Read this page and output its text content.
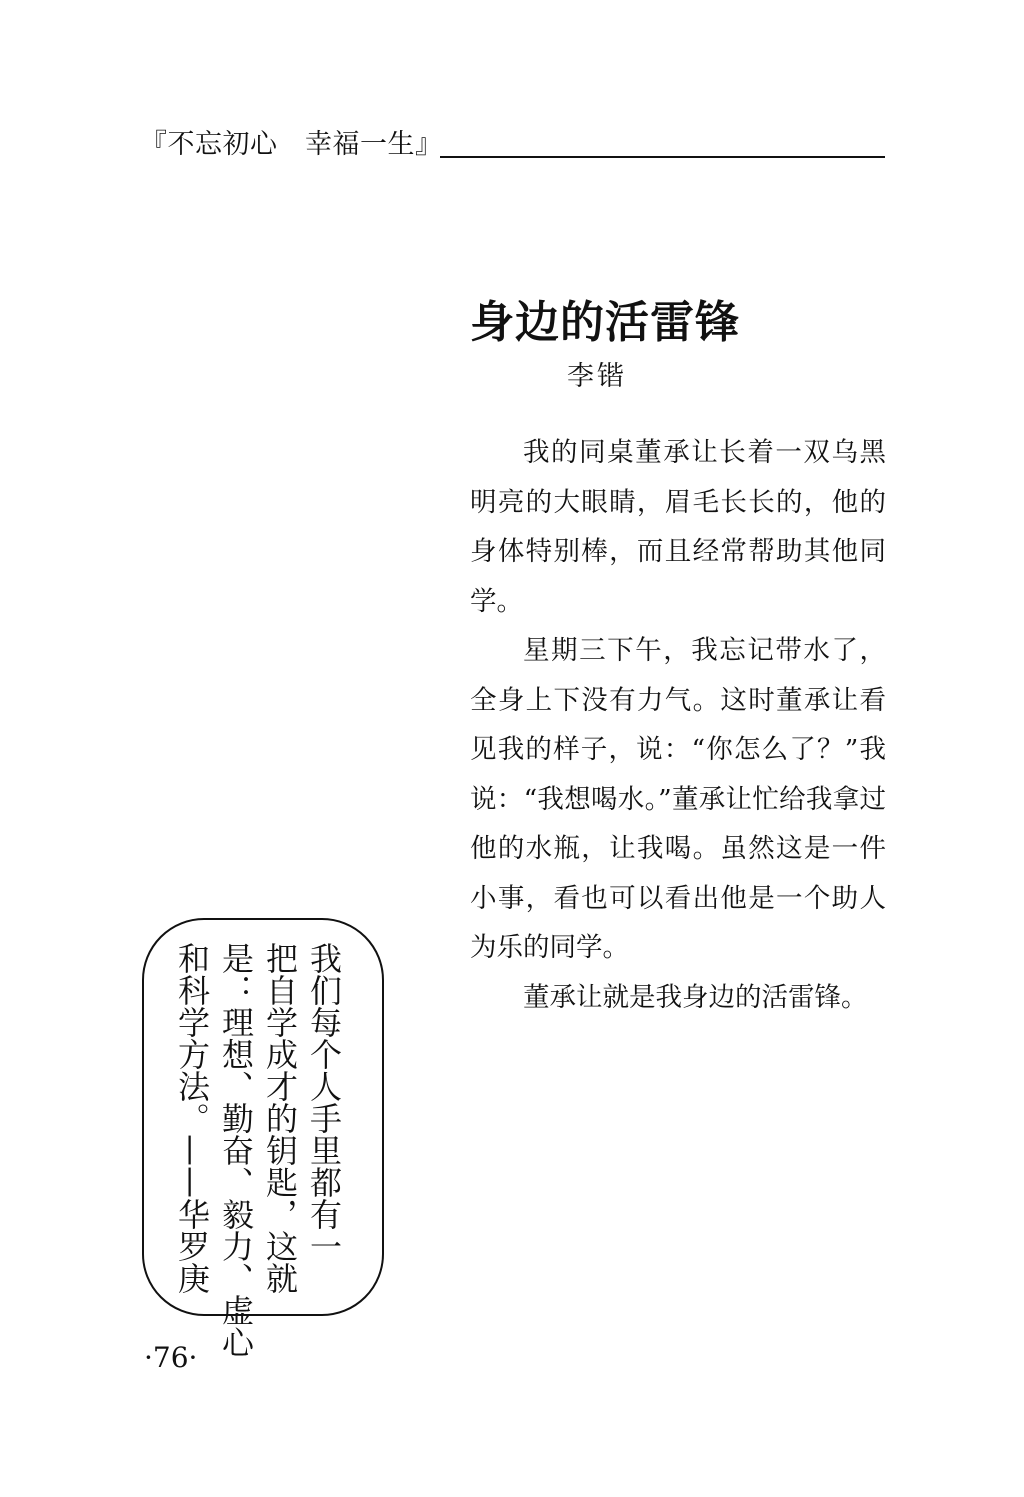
『不忘初心　幸福一生』
身边的活雷锋
李锴

我的同桌董承让长着一双乌黑明亮的大眼睛，眉毛长长的，他的身体特别棒，而且经常帮助其他同学。

星期三下午，我忘记带水了，全身上下没有力气。这时董承让看见我的样子，说：“你怎么了？”我说：“我想喝水。”董承让忙给我拿过他的水瓶，让我喝。虽然这是一件小事，看也可以看出他是一个助人为乐的同学。

董承让就是我身边的活雷锋。

我们每个人手里都有一
把自学成才的钥匙，这就
是：理想、勤奋、毅力、虚心
和科学方法。——华罗庚
·76·
